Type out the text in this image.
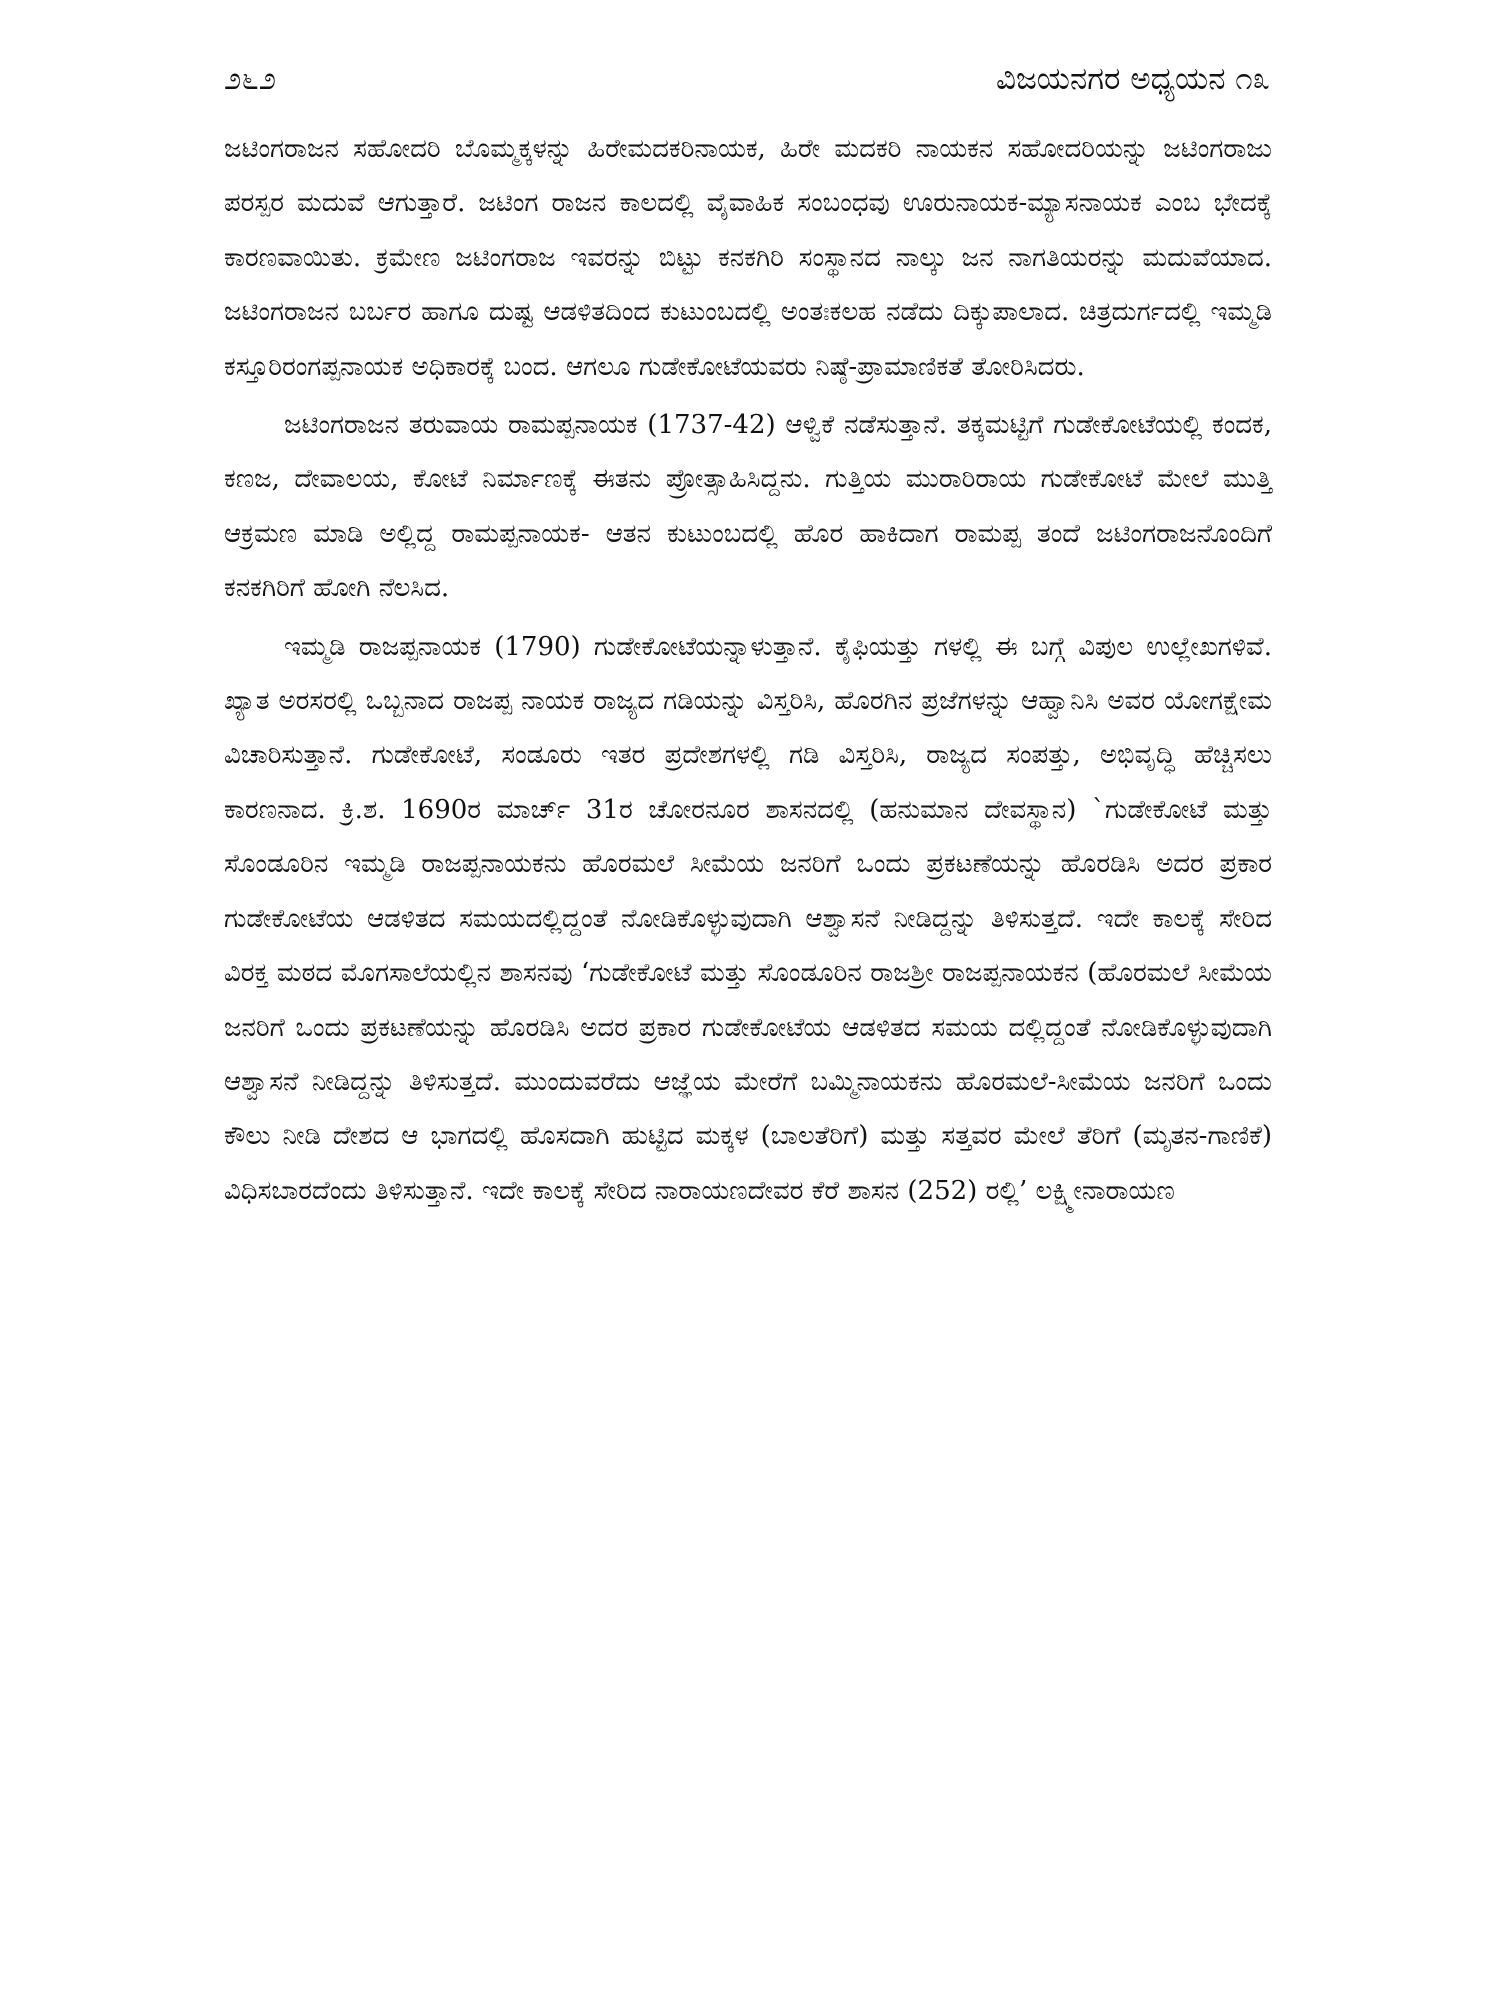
೨೬೨	ವಿಜಯನಗರ ಅಧ್ಯಯನ ೧೩

ಜಟಿಂಗರಾಜನ ಸಹೋದರಿ ಬೊಮ್ಮಕ್ಕಳನ್ನು ಹಿರೇಮದಕರಿನಾಯಕ, ಹಿರೇ ಮದಕರಿ ನಾಯಕನ ಸಹೋದರಿಯನ್ನು ಜಟಿಂಗರಾಜು ಪರಸ್ಪರ ಮದುವೆ ಆಗುತ್ತಾರೆ. ಜಟಿಂಗ ರಾಜನ ಕಾಲದಲ್ಲಿ ವೈವಾಹಿಕ ಸಂಬಂಧವು ಊರುನಾಯಕ-ಮ್ಯಾಸನಾಯಕ ಎಂಬ ಭೇದಕ್ಕೆ ಕಾರಣವಾಯಿತು. ಕ್ರಮೇಣ ಜಟಿಂಗರಾಜ ಇವರನ್ನು ಬಿಟ್ಟು ಕನಕಗಿರಿ ಸಂಸ್ಥಾನದ ನಾಲ್ಕು ಜನ ನಾಗತಿಯರನ್ನು ಮದುವೆಯಾದ. ಜಟಿಂಗರಾಜನ ಬರ್ಬರ ಹಾಗೂ ದುಷ್ಟ ಆಡಳಿತದಿಂದ ಕುಟುಂಬದಲ್ಲಿ ಅಂತಃಕಲಹ ನಡೆದು ದಿಕ್ಕುಪಾಲಾದ. ಚಿತ್ರದುರ್ಗದಲ್ಲಿ ಇಮ್ಮಡಿ ಕಸ್ತೂರಿರಂಗಪ್ಪನಾಯಕ ಅಧಿಕಾರಕ್ಕೆ ಬಂದ. ಆಗಲೂ ಗುಡೇಕೋಟೆಯವರು ನಿಷ್ಠೆ-ಪ್ರಾಮಾಣಿಕತೆ ತೋರಿಸಿದರು.

ಜಟಿಂಗರಾಜನ ತರುವಾಯ ರಾಮಪ್ಪನಾಯಕ (1737-42) ಆಳ್ವಿಕೆ ನಡೆಸುತ್ತಾನೆ. ತಕ್ಕಮಟ್ಟಿಗೆ ಗುಡೇಕೋಟೆಯಲ್ಲಿ ಕಂದಕ, ಕಣಜ, ದೇವಾಲಯ, ಕೋಟೆ ನಿರ್ಮಾಣಕ್ಕೆ ಈತನು ಪ್ರೋತ್ಸಾಹಿಸಿದ್ದನು. ಗುತ್ತಿಯ ಮುರಾರಿರಾಯ ಗುಡೇಕೋಟೆ ಮೇಲೆ ಮುತ್ತಿ ಆಕ್ರಮಣ ಮಾಡಿ ಅಲ್ಲಿದ್ದ ರಾಮಪ್ಪನಾಯಕ- ಆತನ ಕುಟುಂಬದಲ್ಲಿ ಹೊರ ಹಾಕಿದಾಗ ರಾಮಪ್ಪ ತಂದೆ ಜಟಿಂಗರಾಜನೊಂದಿಗೆ ಕನಕಗಿರಿಗೆ ಹೋಗಿ ನೆಲಸಿದ.

ಇಮ್ಮಡಿ ರಾಜಪ್ಪನಾಯಕ (1790) ಗುಡೇಕೋಟೆಯನ್ನಾಳುತ್ತಾನೆ. ಕೈಫಿಯತ್ತು ಗಳಲ್ಲಿ ಈ ಬಗ್ಗೆ ವಿಪುಲ ಉಲ್ಲೇಖಗಳಿವೆ. ಖ್ಯಾತ ಅರಸರಲ್ಲಿ ಒಬ್ಬನಾದ ರಾಜಪ್ಪ ನಾಯಕ ರಾಜ್ಯದ ಗಡಿಯನ್ನು ವಿಸ್ತರಿಸಿ, ಹೊರಗಿನ ಪ್ರಜೆಗಳನ್ನು ಆಹ್ವಾನಿಸಿ ಅವರ ಯೋಗಕ್ಷೇಮ ವಿಚಾರಿಸುತ್ತಾನೆ. ಗುಡೇಕೋಟೆ, ಸಂಡೂರು ಇತರ ಪ್ರದೇಶಗಳಲ್ಲಿ ಗಡಿ ವಿಸ್ತರಿಸಿ, ರಾಜ್ಯದ ಸಂಪತ್ತು, ಅಭಿವೃದ್ಧಿ ಹೆಚ್ಚಿಸಲು ಕಾರಣನಾದ. ಕ್ರಿ.ಶ. 1690ರ ಮಾರ್ಚ್ 31ರ ಚೋರನೂರ ಶಾಸನದಲ್ಲಿ (ಹನುಮಾನ ದೇವಸ್ಥಾನ) `ಗುಡೇಕೋಟೆ ಮತ್ತು ಸೊಂಡೂರಿನ ಇಮ್ಮಡಿ ರಾಜಪ್ಪನಾಯಕನು ಹೊರಮಲೆ ಸೀಮೆಯ ಜನರಿಗೆ ಒಂದು ಪ್ರಕಟಣೆಯನ್ನು ಹೊರಡಿಸಿ ಅದರ ಪ್ರಕಾರ ಗುಡೇಕೋಟೆಯ ಆಡಳಿತದ ಸಮಯದಲ್ಲಿದ್ದಂತೆ ನೋಡಿಕೊಳ್ಳುವುದಾಗಿ ಆಶ್ವಾಸನೆ ನೀಡಿದ್ದನ್ನು ತಿಳಿಸುತ್ತದೆ. ಇದೇ ಕಾಲಕ್ಕೆ ಸೇರಿದ ವಿರಕ್ತ ಮಠದ ಮೊಗಸಾಲೆಯಲ್ಲಿನ ಶಾಸನವು ‘ಗುಡೇಕೋಟೆ ಮತ್ತು ಸೊಂಡೂರಿನ ರಾಜಶ್ರೀ ರಾಜಪ್ಪನಾಯಕನ (ಹೊರಮಲೆ ಸೀಮೆಯ ಜನರಿಗೆ ಒಂದು ಪ್ರಕಟಣೆಯನ್ನು ಹೊರಡಿಸಿ ಅದರ ಪ್ರಕಾರ ಗುಡೇಕೋಟೆಯ ಆಡಳಿತದ ಸಮಯ ದಲ್ಲಿದ್ದಂತೆ ನೋಡಿಕೊಳ್ಳುವುದಾಗಿ ಆಶ್ವಾಸನೆ ನೀಡಿದ್ದನ್ನು ತಿಳಿಸುತ್ತದೆ. ಮುಂದುವರೆದು ಆಜ್ಞೆಯ ಮೇರೆಗೆ ಬಮ್ಮಿನಾಯಕನು ಹೊರಮಲೆ-ಸೀಮೆಯ ಜನರಿಗೆ ಒಂದು ಕೌಲು ನೀಡಿ ದೇಶದ ಆ ಭಾಗದಲ್ಲಿ ಹೊಸದಾಗಿ ಹುಟ್ಟಿದ ಮಕ್ಕಳ (ಬಾಲತೆರಿಗೆ) ಮತ್ತು ಸತ್ತವರ ಮೇಲೆ ತೆರಿಗೆ (ಮೃತನ-ಗಾಣಿಕೆ) ವಿಧಿಸಬಾರದೆಂದು ತಿಳಿಸುತ್ತಾನೆ. ಇದೇ ಕಾಲಕ್ಕೆ ಸೇರಿದ ನಾರಾಯಣದೇವರ ಕೆರೆ ಶಾಸನ (252) ರಲ್ಲಿ’ ಲಕ್ಷ್ಮೀನಾರಾಯಣ
